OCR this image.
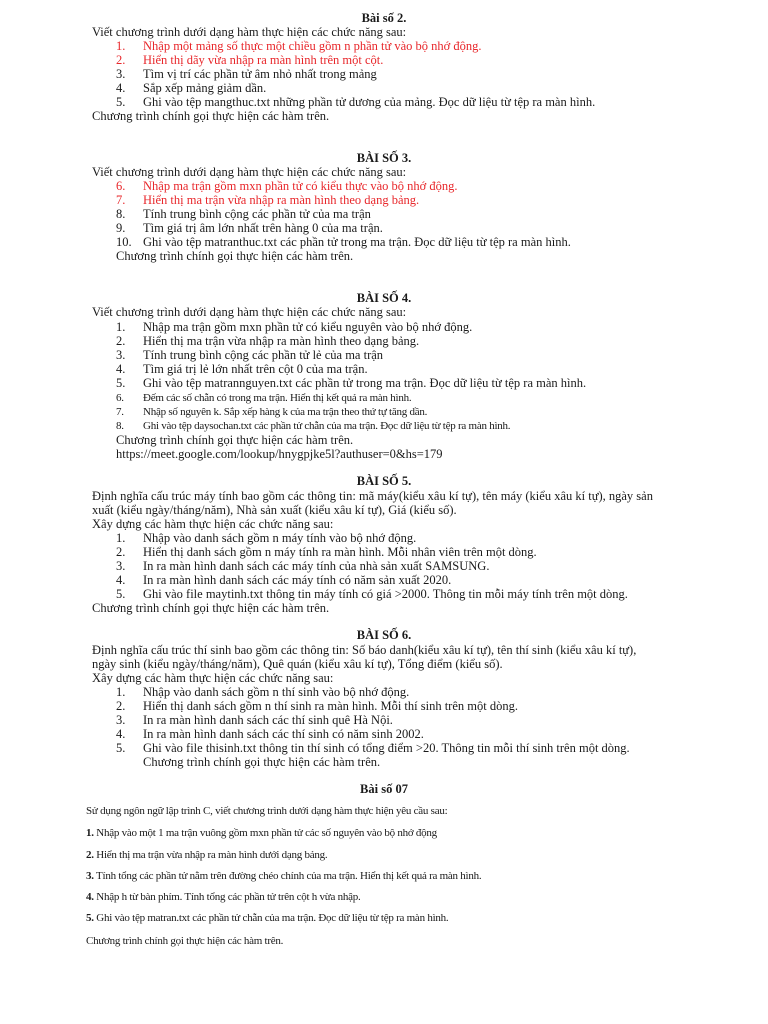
Bài số 2.
Viết chương trình dưới dạng hàm thực hiện các chức năng sau:
1. Nhập một mảng số thực một chiều gồm n phần tử vào bộ nhớ động.
2. Hiển thị dãy vừa nhập ra màn hình trên một cột.
3. Tìm vị trí các phần tử âm nhỏ nhất trong mảng
4. Sắp xếp mảng giảm dần.
5. Ghi vào tệp mangthuc.txt những phần tử dương của mảng. Đọc dữ liệu từ tệp ra màn hình.
Chương trình chính gọi thực hiện các hàm trên.
BÀI SỐ 3.
Viết chương trình dưới dạng hàm thực hiện các chức năng sau:
6. Nhập ma trận gồm mxn phần tử có kiểu thực vào bộ nhớ động.
7. Hiển thị ma trận vừa nhập ra màn hình theo dạng bảng.
8. Tính trung bình cộng các phần tử của ma trận
9. Tìm giá trị âm lớn nhất trên hàng 0 của ma trận.
10. Ghi vào tệp matranthuc.txt các phần tử trong ma trận. Đọc dữ liệu từ tệp ra màn hình.
Chương trình chính gọi thực hiện các hàm trên.
BÀI SỐ 4.
Viết chương trình dưới dạng hàm thực hiện các chức năng sau:
1. Nhập ma trận gồm mxn phần tử có kiểu nguyên vào bộ nhớ động.
2. Hiển thị ma trận vừa nhập ra màn hình theo dạng bảng.
3. Tính trung bình cộng các phần tử lẻ của ma trận
4. Tìm giá trị lẻ lớn nhất trên cột 0 của ma trận.
5. Ghi vào tệp matrannguyen.txt các phần tử trong ma trận. Đọc dữ liệu từ tệp ra màn hình.
6. Đếm các số chẵn có trong ma trận. Hiển thị kết quả ra màn hình.
7. Nhập số nguyên k. Sắp xếp hàng k của ma trận theo thứ tự tăng dần.
8. Ghi vào tệp daysochan.txt các phần tử chẵn của ma trận. Đọc dữ liệu từ tệp ra màn hình.
Chương trình chính gọi thực hiện các hàm trên.
https://meet.google.com/lookup/hnygpjke5l?authuser=0&hs=179
BÀI SỐ 5.
Định nghĩa cấu trúc máy tính bao gồm các thông tin: mã máy(kiểu xâu kí tự), tên máy (kiểu xâu kí tự), ngày sản
xuất (kiểu ngày/tháng/năm), Nhà sản xuất (kiểu xâu kí tự), Giá (kiểu số).
Xây dựng các hàm thực hiện các chức năng sau:
1. Nhập vào danh sách gồm n máy tính vào bộ nhớ động.
2. Hiển thị danh sách gồm n máy tính ra màn hình. Mỗi nhân viên trên một dòng.
3. In ra màn hình danh sách các máy tính của nhà sản xuất SAMSUNG.
4. In ra màn hình danh sách các máy tính có năm sản xuất 2020.
5. Ghi vào file maytinh.txt thông tin máy tính có giá >2000. Thông tin mỗi máy tính trên một dòng.
Chương trình chính gọi thực hiện các hàm trên.
BÀI SỐ 6.
Định nghĩa cấu trúc thí sinh bao gồm các thông tin: Số báo danh(kiểu xâu kí tự), tên thí sinh (kiểu xâu kí tự),
ngày sinh (kiểu ngày/tháng/năm), Quê quán (kiểu xâu kí tự), Tổng điểm (kiểu số).
Xây dựng các hàm thực hiện các chức năng sau:
1. Nhập vào danh sách gồm n thí sinh vào bộ nhớ động.
2. Hiển thị danh sách gồm n thí sinh ra màn hình. Mỗi thí sinh trên một dòng.
3. In ra màn hình danh sách các thí sinh quê Hà Nội.
4. In ra màn hình danh sách các thí sinh có năm sinh 2002.
5. Ghi vào file thisinh.txt thông tin thí sinh có tổng điểm >20. Thông tin mỗi thí sinh trên một dòng.
Chương trình chính gọi thực hiện các hàm trên.
Bài số 07
Sử dụng ngôn ngữ lập trình C, viết chương trình dưới dạng hàm thực hiện yêu cầu sau:
1. Nhập vào một 1 ma trận vuông gồm mxn phần tử các số nguyên vào bộ nhớ động
2. Hiển thị ma trận vừa nhập ra màn hình dưới dạng bảng.
3. Tính tổng các phần tử nằm trên đường chéo chính của ma trận. Hiển thị kết quả ra màn hình.
4. Nhập h từ bàn phím. Tính tổng các phần tử trên cột h vừa nhập.
5. Ghi vào tệp matran.txt các phần tử chẵn của ma trận. Đọc dữ liệu từ tệp ra màn hình.
Chương trình chính gọi thực hiện các hàm trên.
